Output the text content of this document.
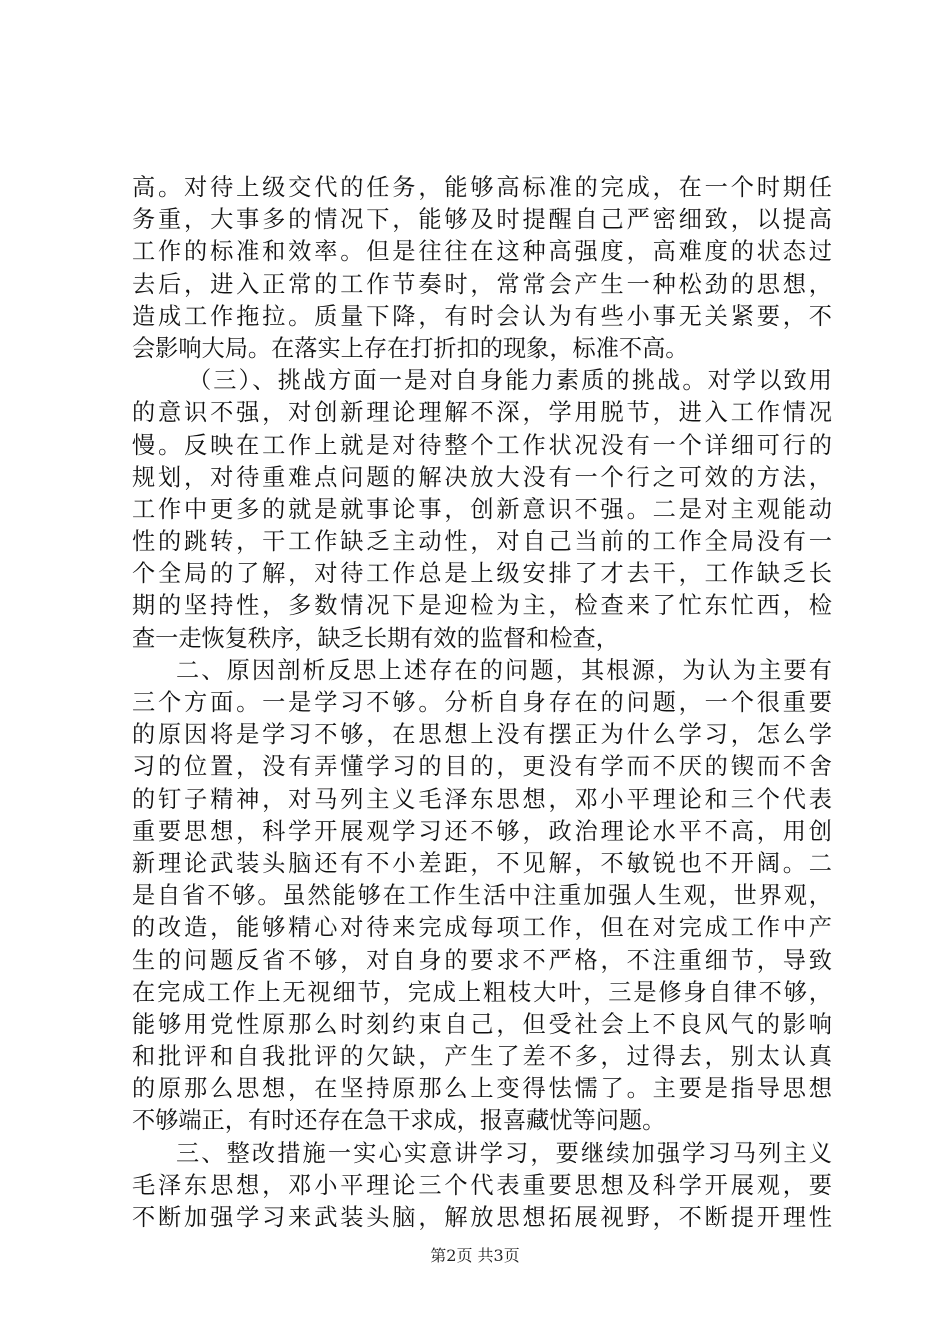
高。对待上级交代的任务，能够高标准的完成，在一个时期任
务重，大事多的情况下，能够及时提醒自己严密细致，以提高
工作的标准和效率。但是往往在这种高强度，高难度的状态过
去后，进入正常的工作节奏时，常常会产生一种松劲的思想，
造成工作拖拉。质量下降，有时会认为有些小事无关紧要，不
会影响大局。在落实上存在打折扣的现象，标准不高。
（三）、挑战方面一是对自身能力素质的挑战。对学以致用
的意识不强，对创新理论理解不深，学用脱节，进入工作情况
慢。反映在工作上就是对待整个工作状况没有一个详细可行的
规划，对待重难点问题的解决放大没有一个行之可效的方法，
工作中更多的就是就事论事，创新意识不强。二是对主观能动
性的跳转，干工作缺乏主动性，对自己当前的工作全局没有一
个全局的了解，对待工作总是上级安排了才去干，工作缺乏长
期的坚持性，多数情况下是迎检为主，检查来了忙东忙西，检
查一走恢复秩序，缺乏长期有效的监督和检查，
二、原因剖析反思上述存在的问题，其根源，为认为主要有
三个方面。一是学习不够。分析自身存在的问题，一个很重要
的原因将是学习不够，在思想上没有摆正为什么学习，怎么学
习的位置，没有弄懂学习的目的，更没有学而不厌的锲而不舍
的钉子精神，对马列主义毛泽东思想，邓小平理论和三个代表
重要思想，科学开展观学习还不够，政治理论水平不高，用创
新理论武装头脑还有不小差距，不见解，不敏锐也不开阔。二
是自省不够。虽然能够在工作生活中注重加强人生观，世界观，
的改造，能够精心对待来完成每项工作，但在对完成工作中产
生的问题反省不够，对自身的要求不严格，不注重细节，导致
在完成工作上无视细节，完成上粗枝大叶，三是修身自律不够，
能够用党性原那么时刻约束自己，但受社会上不良风气的影响
和批评和自我批评的欠缺，产生了差不多，过得去，别太认真
的原那么思想，在坚持原那么上变得怯懦了。主要是指导思想
不够端正，有时还存在急干求成，报喜藏忧等问题。
三、整改措施一实心实意讲学习，要继续加强学习马列主义
毛泽东思想，邓小平理论三个代表重要思想及科学开展观，要
不断加强学习来武装头脑，解放思想拓展视野，不断提开理性
第2页 共3页
